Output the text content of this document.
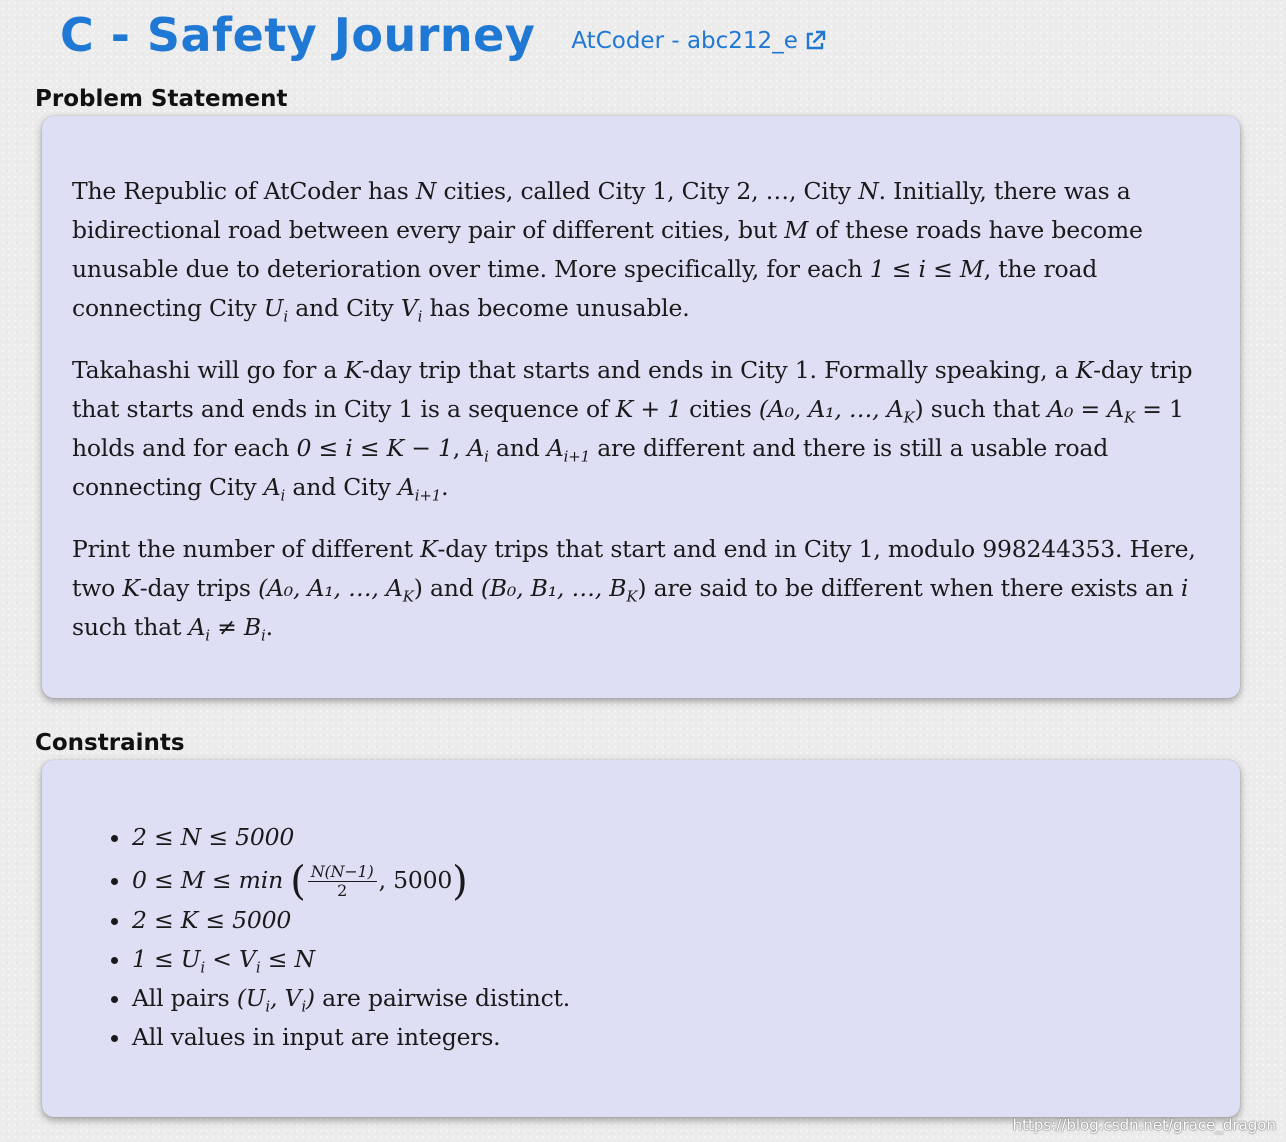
C - Safety Journey AtCoder - abc212_e
Problem Statement

The Republic of AtCoder has N cities, called City 1, City 2, …, City N. Initially, there was a bidirectional road between every pair of different cities, but M of these roads have become unusable due to deterioration over time. More specifically, for each 1 ≤ i ≤ M, the road connecting City $U_i$ and City $V_i$ has become unusable.

Takahashi will go for a K-day trip that starts and ends in City 1. Formally speaking, a K-day trip that starts and ends in City 1 is a sequence of K + 1 cities (A₀, A₁, …, $A_K$) such that $A_0 = A_K = 1$ holds and for each 0 ≤ i ≤ K − 1, $A_i$ and $A_{i+1}$ are different and there is still a usable road connecting City $A_i$ and City $A_{i+1}$.

Print the number of different K-day trips that start and end in City 1, modulo 998244353. Here, two K-day trips (A₀, A₁, …, $A_K$) and (B₀, B₁, …, $B_K$) are said to be different when there exists an i such that $A_i \ne B_i$.

Constraints
• 2 ≤ N ≤ 5000
• 0 ≤ M ≤ min ( $\frac{N(N-1)}{2}$ , 5000)
• 2 ≤ K ≤ 5000
• $1 \le U_i < V_i \le N$
• All pairs ($U_i$, $V_i$) are pairwise distinct.
• All values in input are integers.
https://blog.csdn.net/grace_dragon
